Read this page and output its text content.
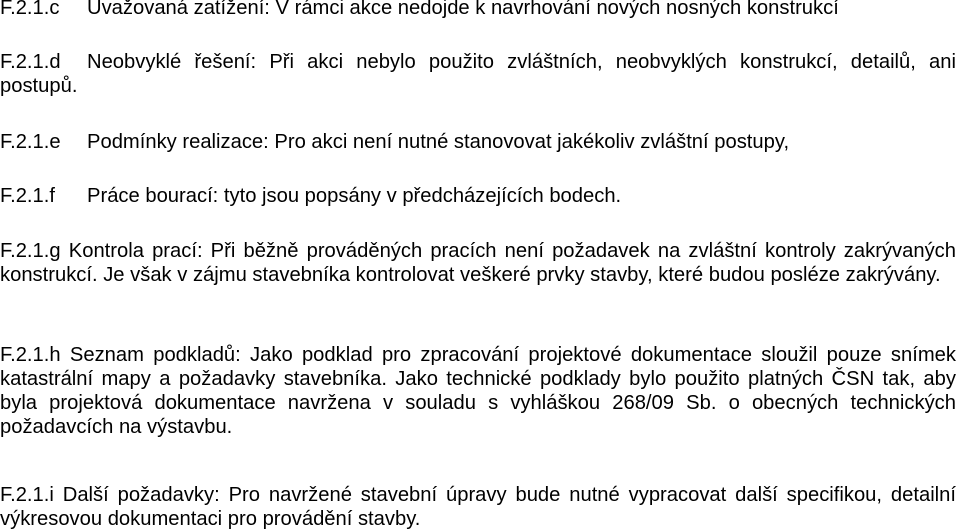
F.2.1.c Uvažovaná zatížení: V rámci akce nedojde k navrhování nových nosných konstrukcí

F.2.1.d Neobvyklé řešení: Při akci nebylo použito zvláštních, neobvyklých konstrukcí, detailů, ani postupů.

F.2.1.e Podmínky realizace: Pro akci není nutné stanovovat jakékoliv zvláštní postupy,

F.2.1.f Práce bourací: tyto jsou popsány v předcházejících bodech.

F.2.1.g Kontrola prací: Při běžně prováděných pracích není požadavek na zvláštní kontroly zakrývaných konstrukcí. Je však v zájmu stavebníka kontrolovat veškeré prvky stavby, které budou posléze zakrývány.

F.2.1.h Seznam podkladů: Jako podklad pro zpracování projektové dokumentace sloužil pouze snímek katastrální mapy a požadavky stavebníka. Jako technické podklady bylo použito platných ČSN tak, aby byla projektová dokumentace navržena v souladu s vyhláškou 268/09 Sb. o obecných technických požadavcích na výstavbu.

F.2.1.i Další požadavky: Pro navržené stavební úpravy bude nutné vypracovat další specifikou, detailní výkresovou dokumentaci pro provádění stavby.
